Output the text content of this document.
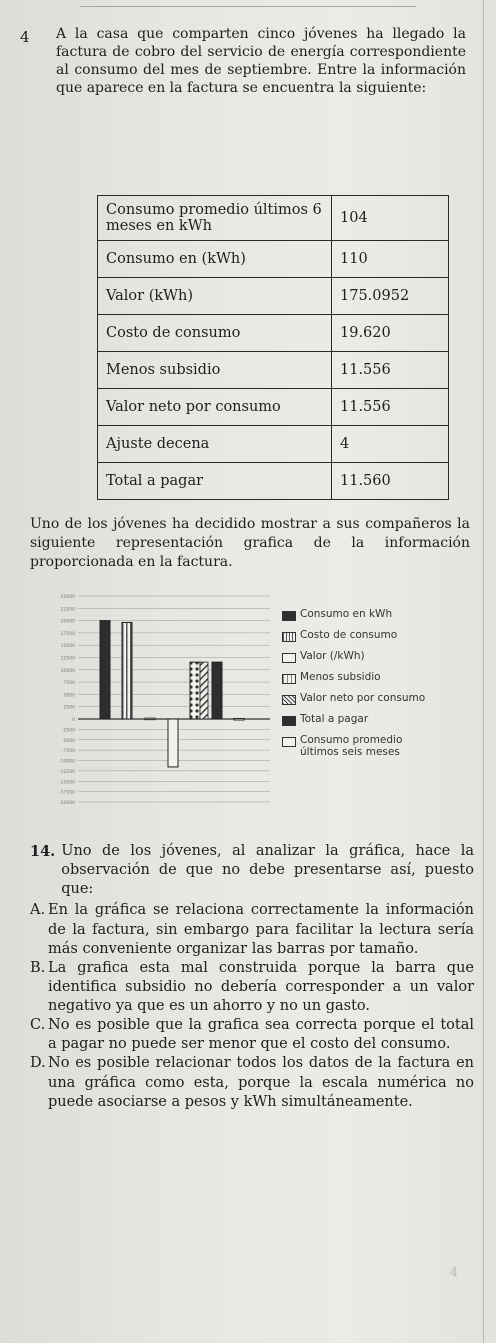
4 A la casa que comparten cinco jóvenes ha llegado la factura de cobro del servicio de energía correspondiente al consumo del mes de septiembre. Entre la información que aparece en la factura se encuentra la siguiente:
Consumo promedio últimos 6 meses en kWh	104
Consumo en (kWh)	110
Valor (kWh)	175.0952
Costo de consumo	19.620
Menos subsidio	11.556
Valor neto por consumo	11.556
Ajuste decena	4
Total a pagar	11.560
Uno de los jóvenes ha decidido mostrar a sus compañeros la siguiente representación grafica de la información proporcionada en la factura.
-20000
-17500
-15000
-12500
-10000
-7500
-5000
-2500
0
2500
5000
7500
10000
12500
15000
17500
20000
22500
25000
Consumo en kWh
Costo de consumo
Valor (/kWh)
Menos subsidio
Valor neto por consumo
Total a pagar
Consumo promedio últimos seis meses
14. Uno de los jóvenes, al analizar la gráfica, hace la observación de que no debe presentarse así, puesto que:
A. En la gráfica se relaciona correctamente la información de la factura, sin embargo para facilitar la lectura sería más conveniente organizar las barras por tamaño.
B. La grafica esta mal construida porque la barra que identifica subsidio no debería corresponder a un valor negativo ya que es un ahorro y no un gasto.
C. No es posible que la grafica sea correcta porque el total a pagar no puede ser menor que el costo del consumo.
D. No es posible relacionar todos los datos de la factura en una gráfica como esta, porque la escala numérica no puede asociarse a pesos y kWh simultáneamente.
4
